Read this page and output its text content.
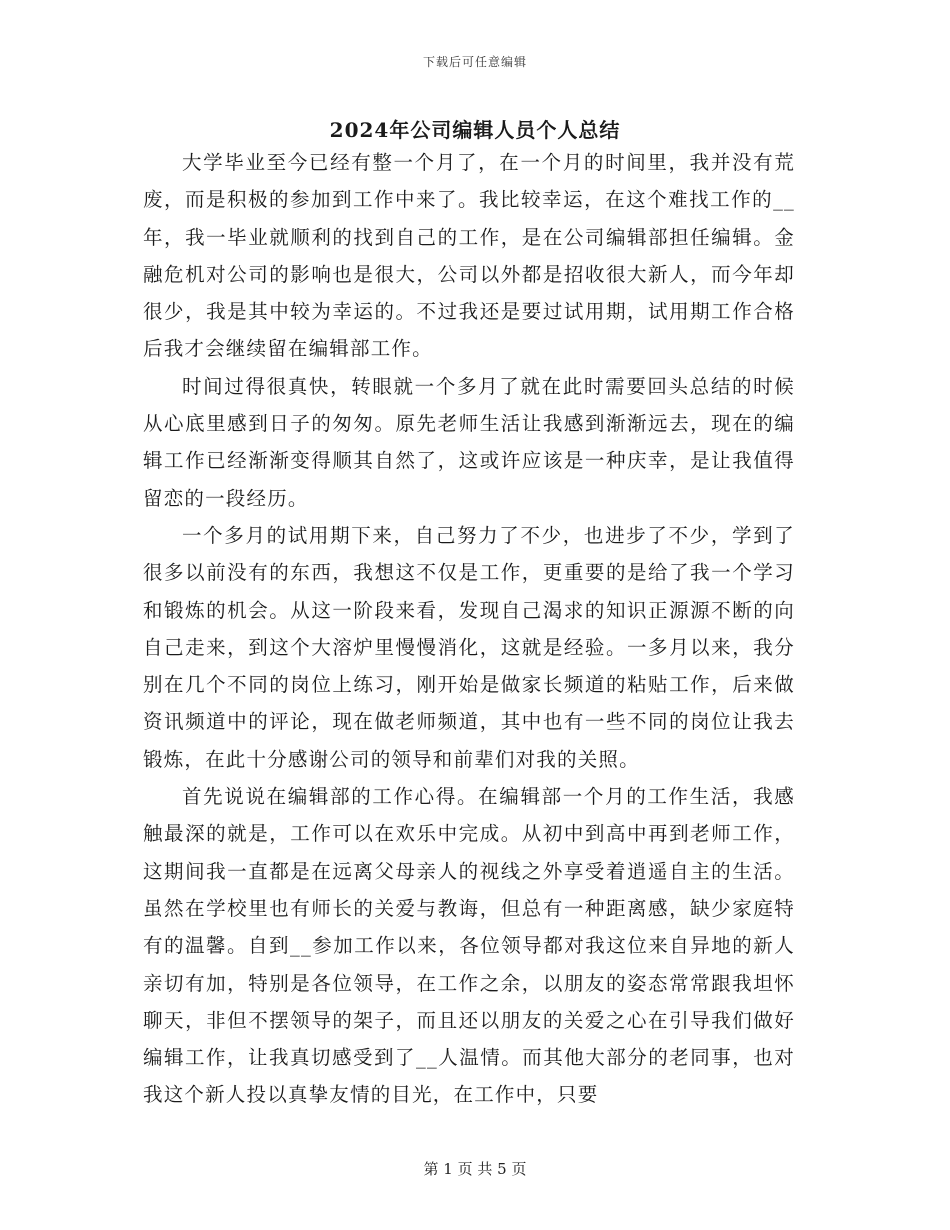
下载后可任意编辑
2024年公司编辑人员个人总结

大学毕业至今已经有整一个月了，在一个月的时间里，我并没有荒废，而是积极的参加到工作中来了。我比较幸运，在这个难找工作的__年，我一毕业就顺利的找到自己的工作，是在公司编辑部担任编辑。金融危机对公司的影响也是很大，公司以外都是招收很大新人，而今年却很少，我是其中较为幸运的。不过我还是要过试用期，试用期工作合格后我才会继续留在编辑部工作。

时间过得很真快，转眼就一个多月了就在此时需要回头总结的时候从心底里感到日子的匆匆。原先老师生活让我感到渐渐远去，现在的编辑工作已经渐渐变得顺其自然了，这或许应该是一种庆幸，是让我值得留恋的一段经历。

一个多月的试用期下来，自己努力了不少，也进步了不少，学到了很多以前没有的东西，我想这不仅是工作，更重要的是给了我一个学习和锻炼的机会。从这一阶段来看，发现自己渴求的知识正源源不断的向自己走来，到这个大溶炉里慢慢消化，这就是经验。一多月以来，我分别在几个不同的岗位上练习，刚开始是做家长频道的粘贴工作，后来做资讯频道中的评论，现在做老师频道，其中也有一些不同的岗位让我去锻炼，在此十分感谢公司的领导和前辈们对我的关照。

首先说说在编辑部的工作心得。在编辑部一个月的工作生活，我感触最深的就是，工作可以在欢乐中完成。从初中到高中再到老师工作，这期间我一直都是在远离父母亲人的视线之外享受着逍遥自主的生活。虽然在学校里也有师长的关爱与教诲，但总有一种距离感，缺少家庭特有的温馨。自到__参加工作以来，各位领导都对我这位来自异地的新人亲切有加，特别是各位领导，在工作之余，以朋友的姿态常常跟我坦怀聊天，非但不摆领导的架子，而且还以朋友的关爱之心在引导我们做好编辑工作，让我真切感受到了__人温情。而其他大部分的老同事，也对我这个新人投以真挚友情的目光，在工作中，只要

第 1 页 共 5 页
